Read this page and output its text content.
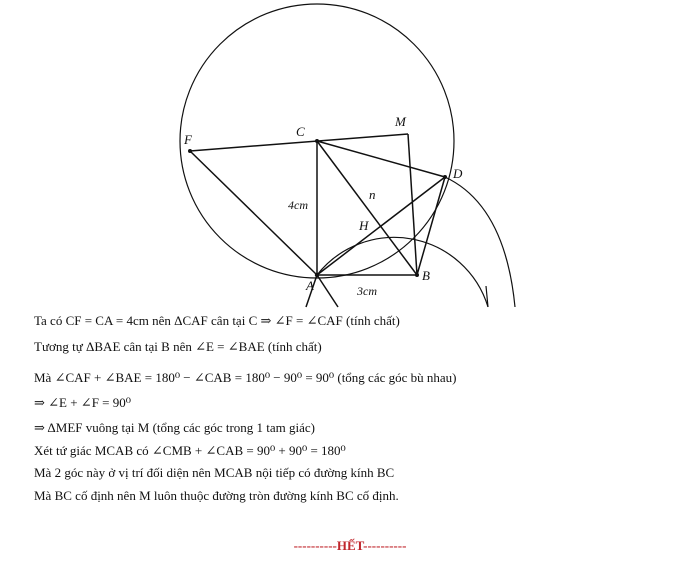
F
C
M
D
n
H
A
B
4cm
3cm
Ta có CF = CA = 4cm nên ΔCAF cân tại C ⇒ ∠F = ∠CAF (tính chất)
Tương tự ΔBAE cân tại B nên ∠E = ∠BAE (tính chất)
Mà ∠CAF + ∠BAE = 180⁰ − ∠CAB = 180⁰ − 90⁰ = 90⁰ (tổng các góc bù nhau)
⇒ ∠E + ∠F = 90⁰
⇒ ΔMEF vuông tại M (tổng các góc trong 1 tam giác)
Xét tứ giác MCAB có ∠CMB + ∠CAB = 90⁰ + 90⁰ = 180⁰
Mà 2 góc này ở vị trí đối diện nên MCAB nội tiếp có đường kính BC
Mà BC cố định nên M luôn thuộc đường tròn đường kính BC cố định.
----------HẾT----------
